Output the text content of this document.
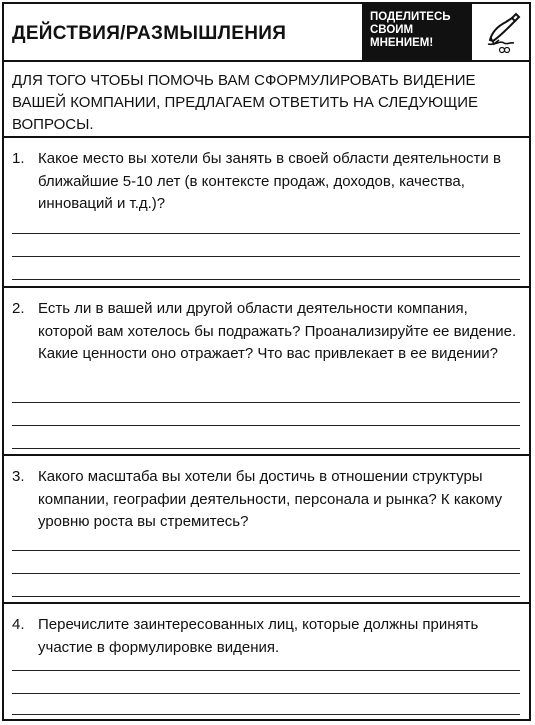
ДЕЙСТВИЯ/РАЗМЫШЛЕНИЯ
ПОДЕЛИТЕСЬ
СВОИМ
МНЕНИЕМ!
ДЛЯ ТОГО ЧТОБЫ ПОМОЧЬ ВАМ СФОРМУЛИРОВАТЬ ВИДЕНИЕ ВАШЕЙ КОМПАНИИ, ПРЕДЛАГАЕМ ОТВЕТИТЬ НА СЛЕДУЮЩИЕ ВОПРОСЫ.
1. Какое место вы хотели бы занять в своей области деятельности в ближайшие 5-10 лет (в контексте продаж, доходов, качества, инноваций и т.д.)?
2. Есть ли в вашей или другой области деятельности компания, которой вам хотелось бы подражать? Проанализируйте ее видение. Какие ценности оно отражает? Что вас привлекает в ее видении?
3. Какого масштаба вы хотели бы достичь в отношении структуры компании, географии деятельности, персонала и рынка? К какому уровню роста вы стремитесь?
4. Перечислите заинтересованных лиц, которые должны принять участие в формулировке видения.
